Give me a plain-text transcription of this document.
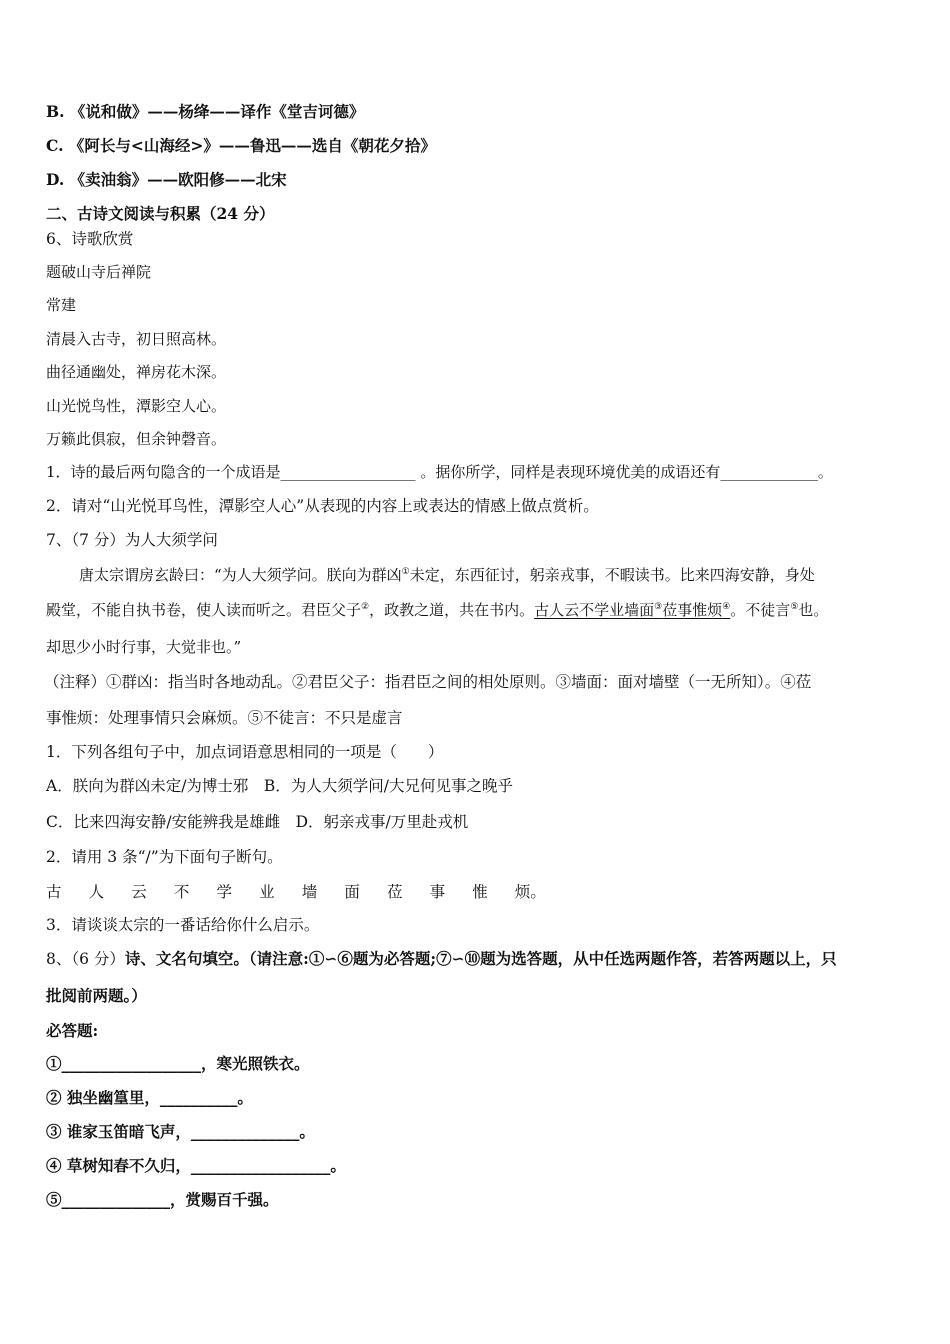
B. 《说和做》——杨绛——译作《堂吉诃德》
C. 《阿长与<山海经>》——鲁迅——选自《朝花夕拾》
D. 《卖油翁》——欧阳修——北宋
二、古诗文阅读与积累（24 分）
6、诗歌欣赏
题破山寺后禅院
常建
清晨入古寺，初日照高林。
曲径通幽处，禅房花木深。
山光悦鸟性，潭影空人心。
万籁此俱寂，但余钟磬音。
1．诗的最后两句隐含的一个成语是__________________ 。据你所学，同样是表现环境优美的成语还有_____________。
2．请对“山光悦耳鸟性，潭影空人心”从表现的内容上或表达的情感上做点赏析。
7、（7 分）为人大须学问
唐太宗谓房玄龄曰：“为人大须学问。朕向为群凶①未定，东西征讨，躬亲戎事，不暇读书。比来四海安静，身处
殿堂，不能自执书卷，使人读而听之。君臣父子②，政教之道，共在书内。古人云不学业墙面③莅事惟烦④。不徒言⑤也。
却思少小时行事，大觉非也。”
（注释）①群凶：指当时各地动乱。②君臣父子：指君臣之间的相处原则。③墙面：面对墙壁（一无所知）。④莅
事惟烦：处理事情只会麻烦。⑤不徒言：不只是虚言
1．下列各组句子中，加点词语意思相同的一项是（　　）
A．朕向为群凶未定/为博士邪　B．为人大须学问/大兄何见事之晚乎
C．比来四海安静/安能辨我是雄雌　D．躬亲戎事/万里赴戎机
2．请用 3 条“/”为下面句子断句。
古 人 云 不 学 业 墙 面 莅 事 惟 烦。
3．请谈谈太宗的一番话给你什么启示。
8、（6 分）诗、文名句填空。（请注意:①∽⑥题为必答题;⑦∽⑩题为选答题，从中任选两题作答，若答两题以上，只
批阅前两题。）
必答题:
①__________________，寒光照铁衣。
② 独坐幽篁里，__________。
③ 谁家玉笛暗飞声，______________。
④ 草树知春不久归，__________________。
⑤______________，赏赐百千强。
